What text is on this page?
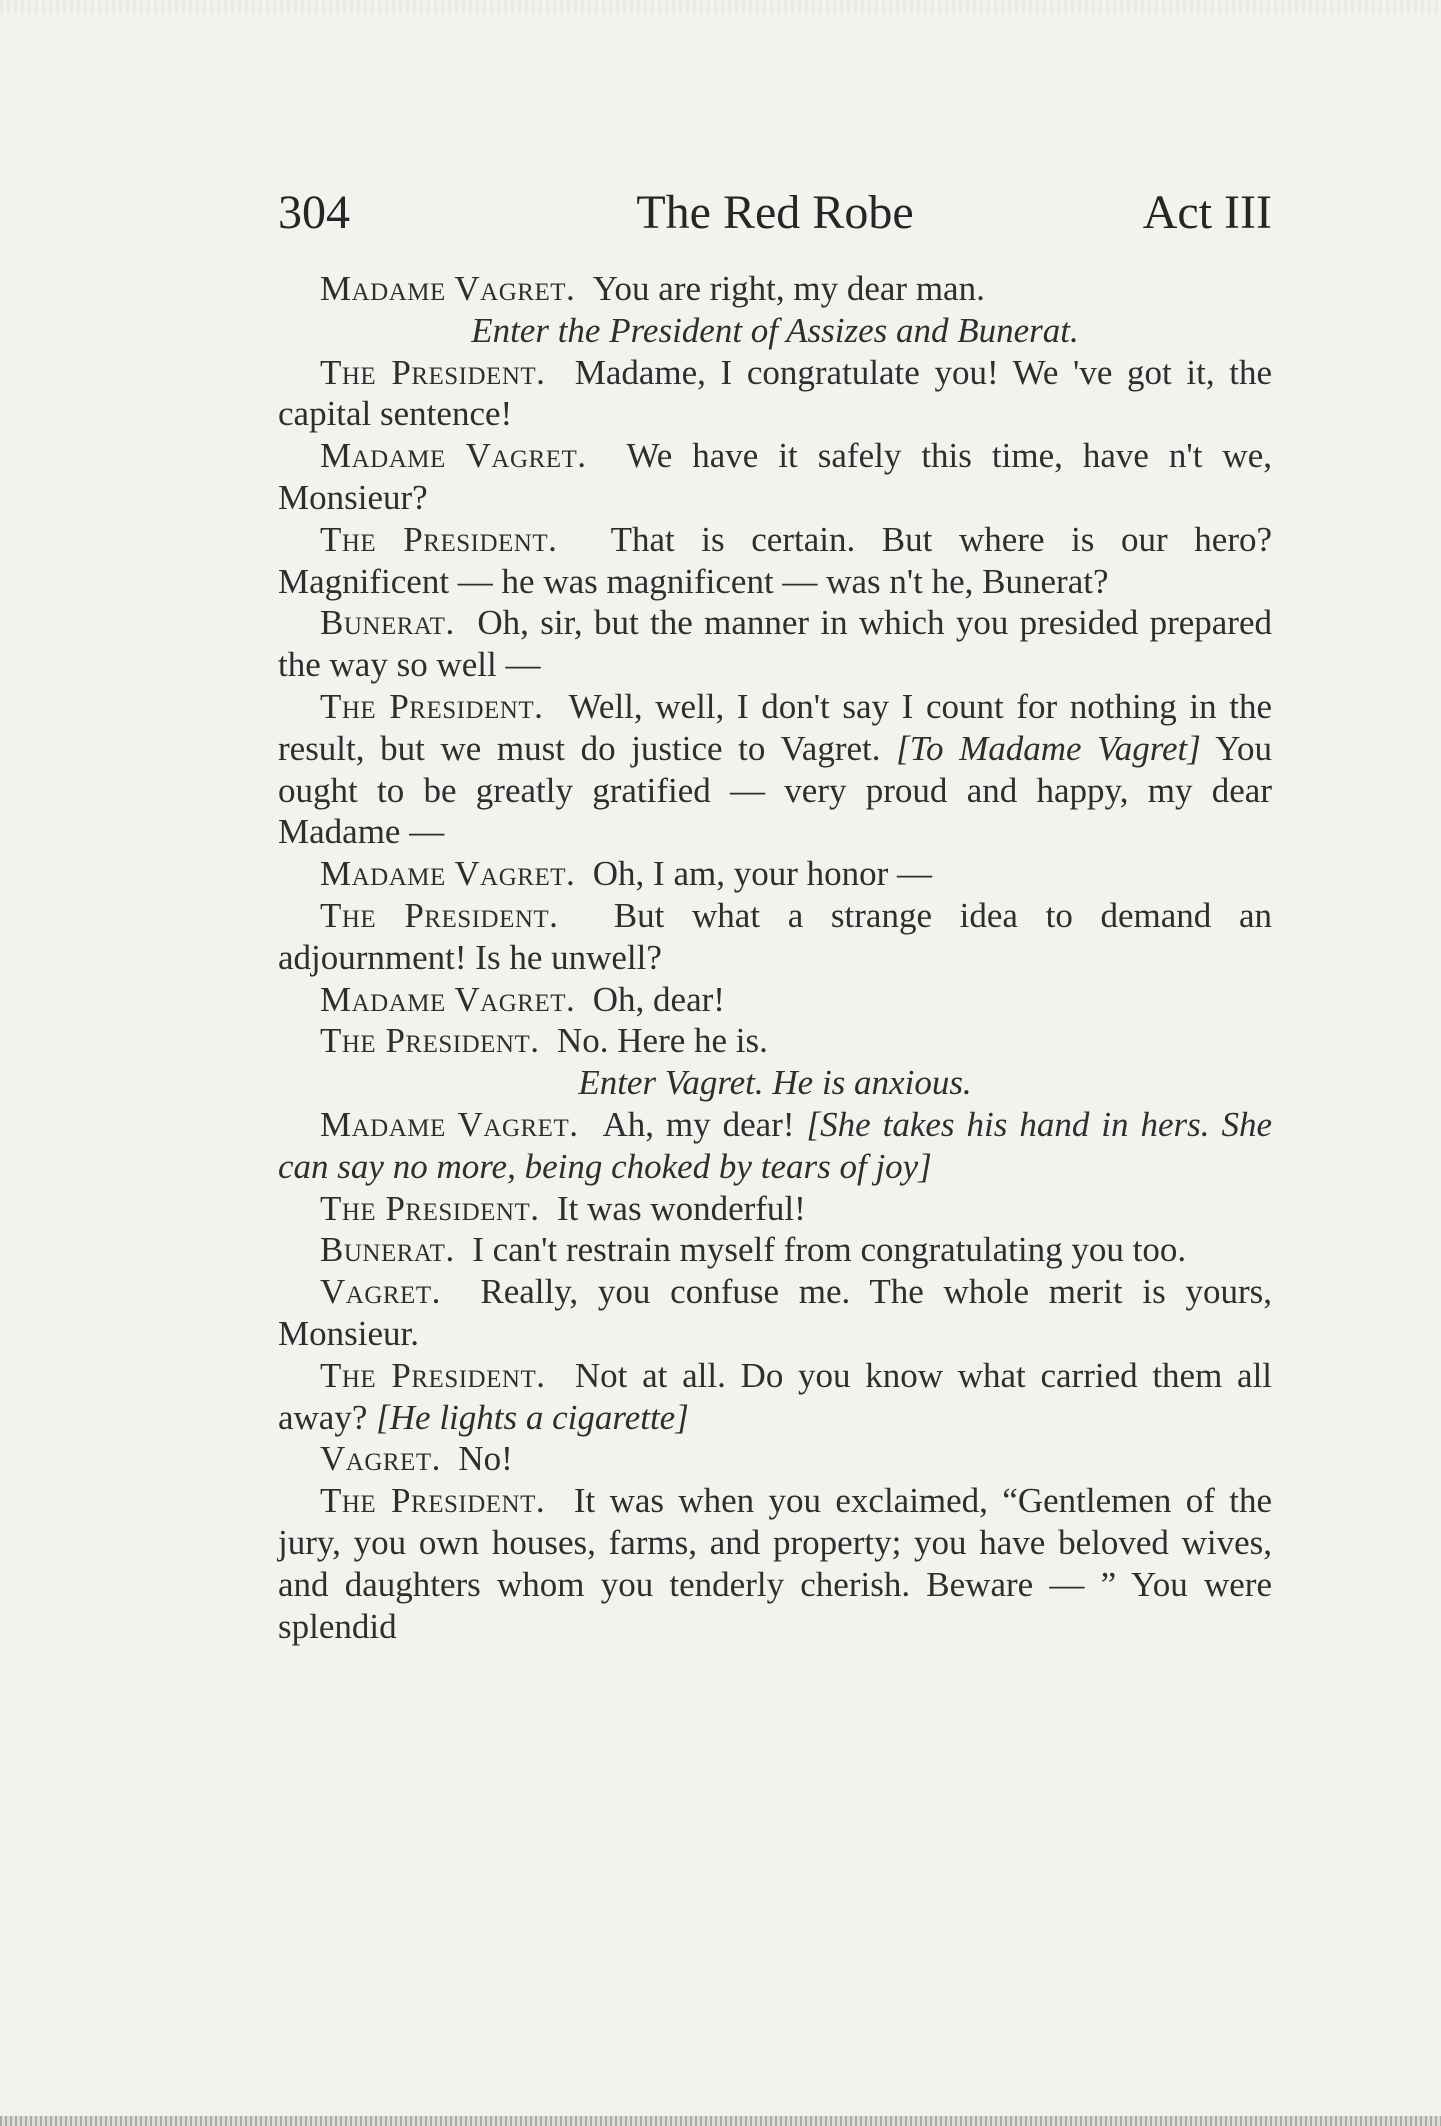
304	The Red Robe	Act III

Madame Vagret. You are right, my dear man.

Enter the President of Assizes and Bunerat.

The President. Madame, I congratulate you! We 've got it, the capital sentence!

Madame Vagret. We have it safely this time, have n't we, Monsieur?

The President. That is certain. But where is our hero? Magnificent — he was magnificent — was n't he, Bunerat?

Bunerat. Oh, sir, but the manner in which you presided prepared the way so well —

The President. Well, well, I don't say I count for nothing in the result, but we must do justice to Vagret. [To Madame Vagret] You ought to be greatly gratified — very proud and happy, my dear Madame —

Madame Vagret. Oh, I am, your honor —

The President. But what a strange idea to demand an adjournment! Is he unwell?

Madame Vagret. Oh, dear!

The President. No. Here he is.

Enter Vagret. He is anxious.

Madame Vagret. Ah, my dear! [She takes his hand in hers. She can say no more, being choked by tears of joy]

The President. It was wonderful!

Bunerat. I can't restrain myself from congratulating you too.

Vagret. Really, you confuse me. The whole merit is yours, Monsieur.

The President. Not at all. Do you know what carried them all away? [He lights a cigarette]

Vagret. No!

The President. It was when you exclaimed, “Gentlemen of the jury, you own houses, farms, and property; you have beloved wives, and daughters whom you tenderly cherish. Beware — ” You were splendid
